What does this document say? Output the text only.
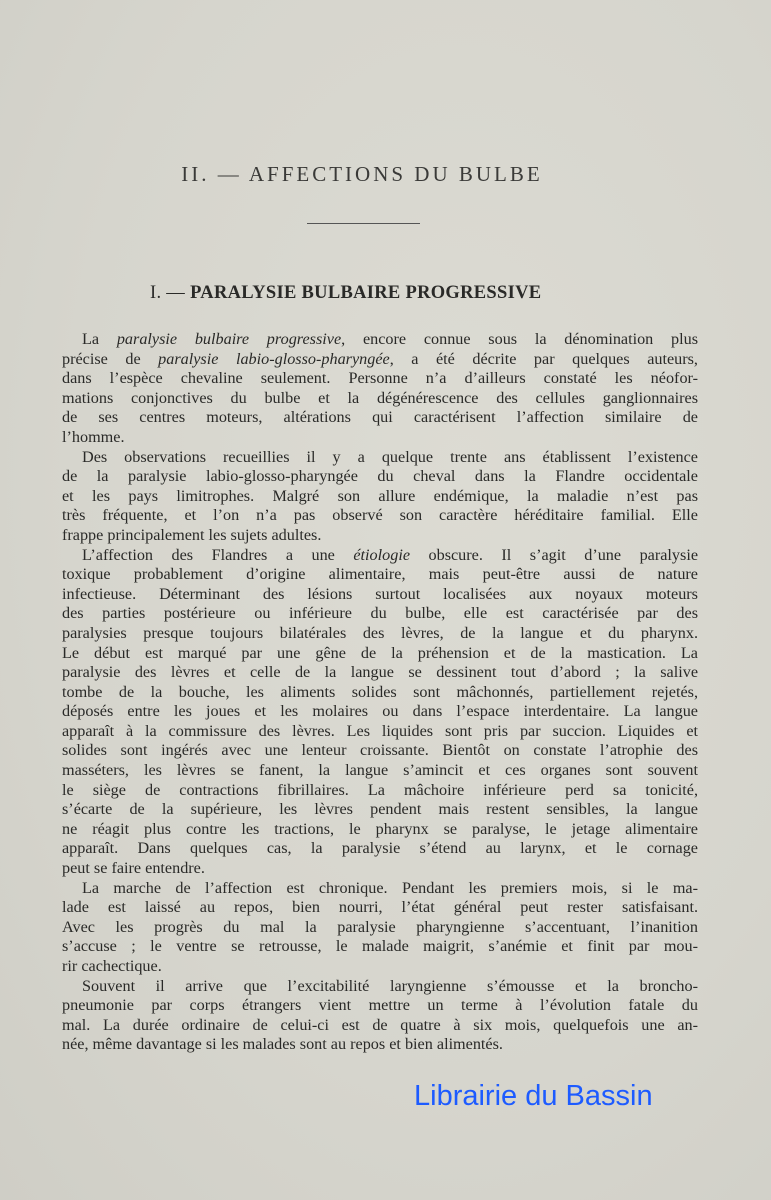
II. — AFFECTIONS DU BULBE
I. — PARALYSIE BULBAIRE PROGRESSIVE
La paralysie bulbaire progressive, encore connue sous la dénomination plus
précise de paralysie labio-glosso-pharyngée, a été décrite par quelques auteurs,
dans l’espèce chevaline seulement. Personne n’a d’ailleurs constaté les néofor-
mations conjonctives du bulbe et la dégénérescence des cellules ganglionnaires
de ses centres moteurs, altérations qui caractérisent l’affection similaire de
l’homme.
Des observations recueillies il y a quelque trente ans établissent l’existence
de la paralysie labio-glosso-pharyngée du cheval dans la Flandre occidentale
et les pays limitrophes. Malgré son allure endémique, la maladie n’est pas
très fréquente, et l’on n’a pas observé son caractère héréditaire familial. Elle
frappe principalement les sujets adultes.
L’affection des Flandres a une étiologie obscure. Il s’agit d’une paralysie
toxique probablement d’origine alimentaire, mais peut-être aussi de nature
infectieuse. Déterminant des lésions surtout localisées aux noyaux moteurs
des parties postérieure ou inférieure du bulbe, elle est caractérisée par des
paralysies presque toujours bilatérales des lèvres, de la langue et du pharynx.
Le début est marqué par une gêne de la préhension et de la mastication. La
paralysie des lèvres et celle de la langue se dessinent tout d’abord ; la salive
tombe de la bouche, les aliments solides sont mâchonnés, partiellement rejetés,
déposés entre les joues et les molaires ou dans l’espace interdentaire. La langue
apparaît à la commissure des lèvres. Les liquides sont pris par succion. Liquides et
solides sont ingérés avec une lenteur croissante. Bientôt on constate l’atrophie des
masséters, les lèvres se fanent, la langue s’amincit et ces organes sont souvent
le siège de contractions fibrillaires. La mâchoire inférieure perd sa tonicité,
s’écarte de la supérieure, les lèvres pendent mais restent sensibles, la langue
ne réagit plus contre les tractions, le pharynx se paralyse, le jetage alimentaire
apparaît. Dans quelques cas, la paralysie s’étend au larynx, et le cornage
peut se faire entendre.
La marche de l’affection est chronique. Pendant les premiers mois, si le ma-
lade est laissé au repos, bien nourri, l’état général peut rester satisfaisant.
Avec les progrès du mal la paralysie pharyngienne s’accentuant, l’inanition
s’accuse ; le ventre se retrousse, le malade maigrit, s’anémie et finit par mou-
rir cachectique.
Souvent il arrive que l’excitabilité laryngienne s’émousse et la broncho-
pneumonie par corps étrangers vient mettre un terme à l’évolution fatale du
mal. La durée ordinaire de celui-ci est de quatre à six mois, quelquefois une an-
née, même davantage si les malades sont au repos et bien alimentés.
Librairie du Bassin
